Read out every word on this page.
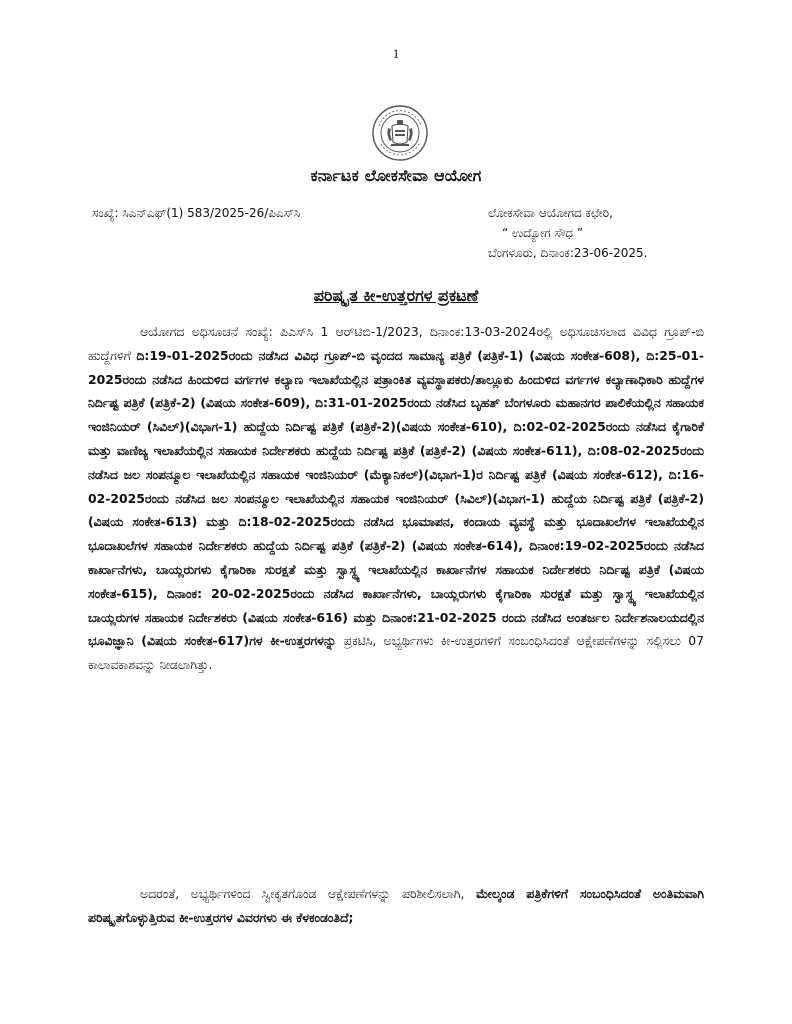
1
ಕರ್ನಾಟಕ ಲೋಕಸೇವಾ ಆಯೋಗ
ಸಂಖ್ಯೆ: ಸಿಎನ್‌ಎಫ್(1) 583/2025-26/ಪಿಎಸ್‌ಸಿ	ಲೋಕಸೇವಾ ಆಯೋಗದ ಕಛೇರಿ,
“ ಉದ್ಯೋಗ ಸೌಧ ”
ಬೆಂಗಳೂರು, ದಿನಾಂಕ:23-06-2025.
ಪರಿಷ್ಕೃತ ಕೀ-ಉತ್ತರಗಳ ಪ್ರಕಟಣೆ

ಆಯೋಗದ ಅಧಿಸೂಚನೆ ಸಂಖ್ಯೆ: ಪಿಎಸ್‌ಸಿ 1 ಆರ್‌ಟಿಬಿ-1/2023, ದಿನಾಂಕ:13-03-2024ರಲ್ಲಿ ಅಧಿಸೂಚಿಸಲಾದ ವಿವಿಧ ಗ್ರೂಪ್-ಬಿ ಹುದ್ದೆಗಳಿಗೆ ದಿ:19-01-2025ರಂದು ನಡೆಸಿದ ವಿವಿಧ ಗ್ರೂಪ್-ಬಿ ವೃಂದದ ಸಾಮಾನ್ಯ ಪತ್ರಿಕೆ (ಪತ್ರಿಕೆ-1) (ವಿಷಯ ಸಂಕೇತ-608), ದಿ:25-01-2025ರಂದು ನಡೆಸಿದ ಹಿಂದುಳಿದ ವರ್ಗಗಳ ಕಲ್ಯಾಣ ಇಲಾಖೆಯಲ್ಲಿನ ಪತ್ರಾಂಕಿತ ವ್ಯವಸ್ಥಾಪಕರು/ತಾಲ್ಲೂಕು ಹಿಂದುಳಿದ ವರ್ಗಗಳ ಕಲ್ಯಾಣಾಧಿಕಾರಿ ಹುದ್ದೆಗಳ ನಿರ್ದಿಷ್ಟ ಪತ್ರಿಕೆ (ಪತ್ರಿಕೆ-2) (ವಿಷಯ ಸಂಕೇತ-609), ದಿ:31-01-2025ರಂದು ನಡೆಸಿದ ಬೃಹತ್ ಬೆಂಗಳೂರು ಮಹಾನಗರ ಪಾಲಿಕೆಯಲ್ಲಿನ ಸಹಾಯಕ ಇಂಜಿನಿಯರ್ (ಸಿವಿಲ್)(ವಿಭಾಗ-1) ಹುದ್ದೆಯ ನಿರ್ದಿಷ್ಟ ಪತ್ರಿಕೆ (ಪತ್ರಿಕೆ-2)(ವಿಷಯ ಸಂಕೇತ-610), ದಿ:02-02-2025ರಂದು ನಡೆಸಿದ ಕೈಗಾರಿಕೆ ಮತ್ತು ವಾಣಿಜ್ಯ ಇಲಾಖೆಯಲ್ಲಿನ ಸಹಾಯಕ ನಿರ್ದೇಶಕರು ಹುದ್ದೆಯ ನಿರ್ದಿಷ್ಟ ಪತ್ರಿಕೆ (ಪತ್ರಿಕೆ-2) (ವಿಷಯ ಸಂಕೇತ-611), ದಿ:08-02-2025ರಂದು ನಡೆಸಿದ ಜಲ ಸಂಪನ್ಮೂಲ ಇಲಾಖೆಯಲ್ಲಿನ ಸಹಾಯಕ ಇಂಜಿನಿಯರ್ (ಮೆಕ್ಯಾನಿಕಲ್)(ವಿಭಾಗ-1)ರ ನಿರ್ದಿಷ್ಟ ಪತ್ರಿಕೆ (ವಿಷಯ ಸಂಕೇತ-612), ದಿ:16-02-2025ರಂದು ನಡೆಸಿದ ಜಲ ಸಂಪನ್ಮೂಲ ಇಲಾಖೆಯಲ್ಲಿನ ಸಹಾಯಕ ಇಂಜಿನಿಯರ್ (ಸಿವಿಲ್)(ವಿಭಾಗ-1) ಹುದ್ದೆಯ ನಿರ್ದಿಷ್ಟ ಪತ್ರಿಕೆ (ಪತ್ರಿಕೆ-2) (ವಿಷಯ ಸಂಕೇತ-613) ಮತ್ತು ದಿ:18-02-2025ರಂದು ನಡೆಸಿದ ಭೂಮಾಪನ, ಕಂದಾಯ ವ್ಯವಸ್ಥೆ ಮತ್ತು ಭೂದಾಖಲೆಗಳ ಇಲಾಖೆಯಲ್ಲಿನ ಭೂದಾಖಲೆಗಳ ಸಹಾಯಕ ನಿರ್ದೇಶಕರು ಹುದ್ದೆಯ ನಿರ್ದಿಷ್ಟ ಪತ್ರಿಕೆ (ಪತ್ರಿಕೆ-2) (ವಿಷಯ ಸಂಕೇತ-614), ದಿನಾಂಕ:19-02-2025ರಂದು ನಡೆಸಿದ ಕಾರ್ಖಾನೆಗಳು, ಬಾಯ್ಲರುಗಳು ಕೈಗಾರಿಕಾ ಸುರಕ್ಷತೆ ಮತ್ತು ಸ್ವಾಸ್ಥ್ಯ ಇಲಾಖೆಯಲ್ಲಿನ ಕಾರ್ಖಾನೆಗಳ ಸಹಾಯಕ ನಿರ್ದೇಶಕರು ನಿರ್ದಿಷ್ಟ ಪತ್ರಿಕೆ (ವಿಷಯ ಸಂಕೇತ-615), ದಿನಾಂಕ: 20-02-2025ರಂದು ನಡೆಸಿದ ಕಾರ್ಖಾನೆಗಳು, ಬಾಯ್ಲರುಗಳು ಕೈಗಾರಿಕಾ ಸುರಕ್ಷತೆ ಮತ್ತು ಸ್ವಾಸ್ಥ್ಯ ಇಲಾಖೆಯಲ್ಲಿನ ಬಾಯ್ಲರುಗಳ ಸಹಾಯಕ ನಿರ್ದೇಶಕರು (ವಿಷಯ ಸಂಕೇತ-616) ಮತ್ತು ದಿನಾಂಕ:21-02-2025 ರಂದು ನಡೆಸಿದ ಅಂತರ್ಜಲ ನಿರ್ದೇಶನಾಲಯದಲ್ಲಿನ ಭೂವಿಜ್ಞಾನಿ (ವಿಷಯ ಸಂಕೇತ-617)ಗಳ ಕೀ-ಉತ್ತರಗಳನ್ನು ಪ್ರಕಟಿಸಿ, ಅಭ್ಯರ್ಥಿಗಳು ಕೀ-ಉತ್ತರಗಳಿಗೆ ಸಂಬಂಧಿಸಿದಂತೆ ಆಕ್ಷೇಪಣೆಗಳನ್ನು ಸಲ್ಲಿಸಲು 07 ಕಾಲಾವಕಾಶವನ್ನು ನೀಡಲಾಗಿತ್ತು.

ಅದರಂತೆ, ಅಭ್ಯರ್ಥಿಗಳಿಂದ ಸ್ವೀಕೃತಗೊಂಡ ಆಕ್ಷೇಪಣೆಗಳನ್ನು ಪರಿಶೀಲಿಸಲಾಗಿ, ಮೇಲ್ಕಂಡ ಪತ್ರಿಕೆಗಳಿಗೆ ಸಂಬಂಧಿಸಿದಂತೆ ಅಂತಿಮವಾಗಿ ಪರಿಷ್ಕೃತಗೊಳ್ಳುತ್ತಿರುವ ಕೀ-ಉತ್ತರಗಳ ವಿವರಗಳು ಈ ಕೆಳಕಂಡಂತಿದೆ;
